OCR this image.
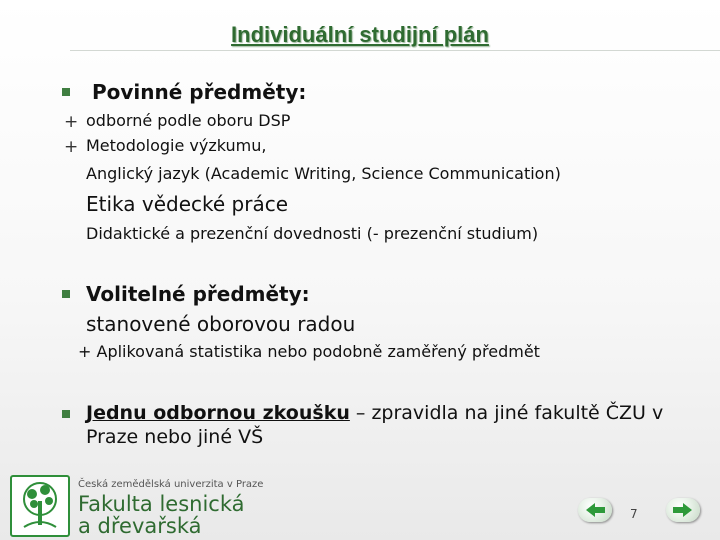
Individuální studijní plán
Povinné předměty:
+ odborné podle oboru DSP
+ Metodologie výzkumu,
Anglický jazyk (Academic Writing, Science Communication)
Etika vědecké práce
Didaktické a prezenční dovednosti (- prezenční studium)
Volitelné předměty:
stanovené oborovou radou
+ Aplikovaná statistika nebo podobně zaměřený předmět
Jednu odbornou zkoušku – zpravidla na jiné fakultě ČZU v
Praze nebo jiné VŠ
Česká zemědělská univerzita v Praze
Fakulta lesnická
a dřevařská	7
